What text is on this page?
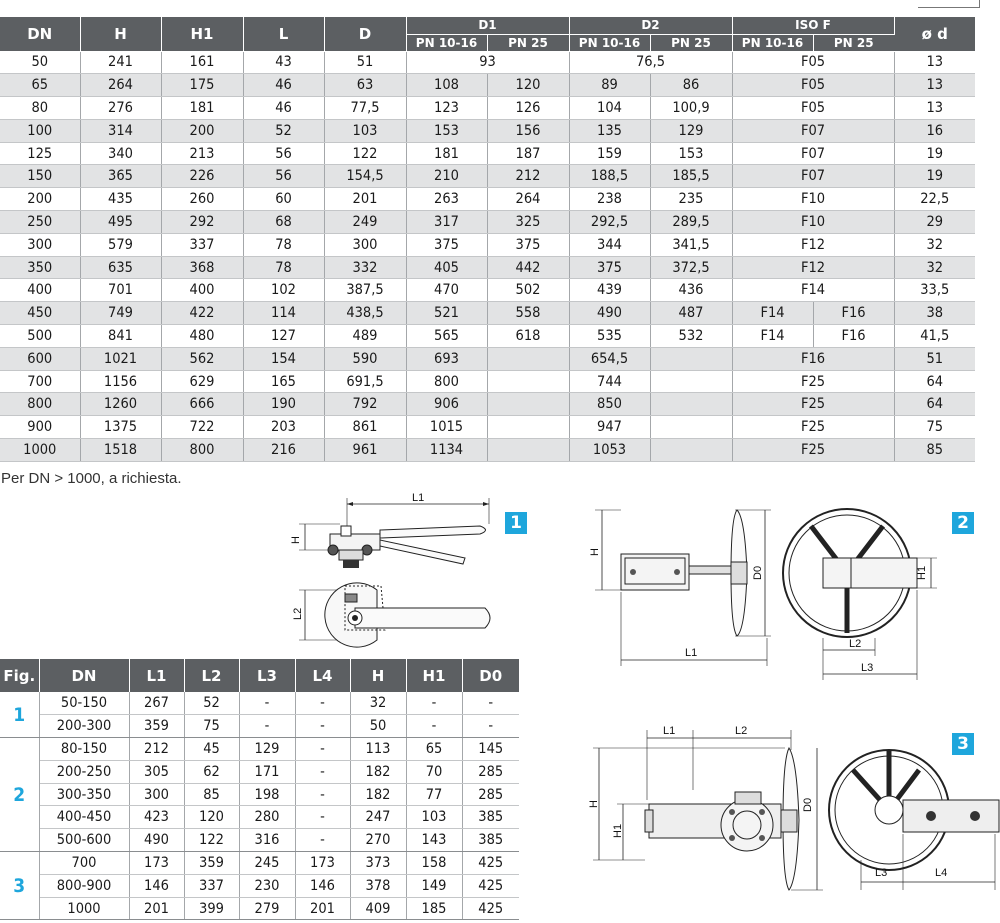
DN	H	H1	L	D	D1		D2		ISO F		ø d
					PN 10-16	PN 25	PN 10-16	PN 25	PN 10-16	PN 25	
50	241	161	43	51	93		76,5		F05		13
65	264	175	46	63	108	120	89	86	F05		13
80	276	181	46	77,5	123	126	104	100,9	F05		13
100	314	200	52	103	153	156	135	129	F07		16
125	340	213	56	122	181	187	159	153	F07		19
150	365	226	56	154,5	210	212	188,5	185,5	F07		19
200	435	260	60	201	263	264	238	235	F10		22,5
250	495	292	68	249	317	325	292,5	289,5	F10		29
300	579	337	78	300	375	375	344	341,5	F12		32
350	635	368	78	332	405	442	375	372,5	F12		32
400	701	400	102	387,5	470	502	439	436	F14		33,5
450	749	422	114	438,5	521	558	490	487	F14	F16	38
500	841	480	127	489	565	618	535	532	F14	F16	41,5
600	1021	562	154	590	693		654,5		F16		51
700	1156	629	165	691,5	800		744		F25		64
800	1260	666	190	792	906		850		F25		64
900	1375	722	203	861	1015		947		F25		75
1000	1518	800	216	961	1134		1053		F25		85
Per DN > 1000, a richiesta.
L1
H
L2
1
H
D0
L1
H1
L2
L3
2
L1	L2
H
H1
D0
L3	L4
3
Fig.	DN	L1	L2	L3	L4	H	H1	D0
1	50-150	267	52	-	-	32	-	-
	200-300	359	75	-	-	50	-	-
2	80-150	212	45	129	-	113	65	145
	200-250	305	62	171	-	182	70	285
	300-350	300	85	198	-	182	77	285
	400-450	423	120	280	-	247	103	385
	500-600	490	122	316	-	270	143	385
3	700	173	359	245	173	373	158	425
	800-900	146	337	230	146	378	149	425
	1000	201	399	279	201	409	185	425
